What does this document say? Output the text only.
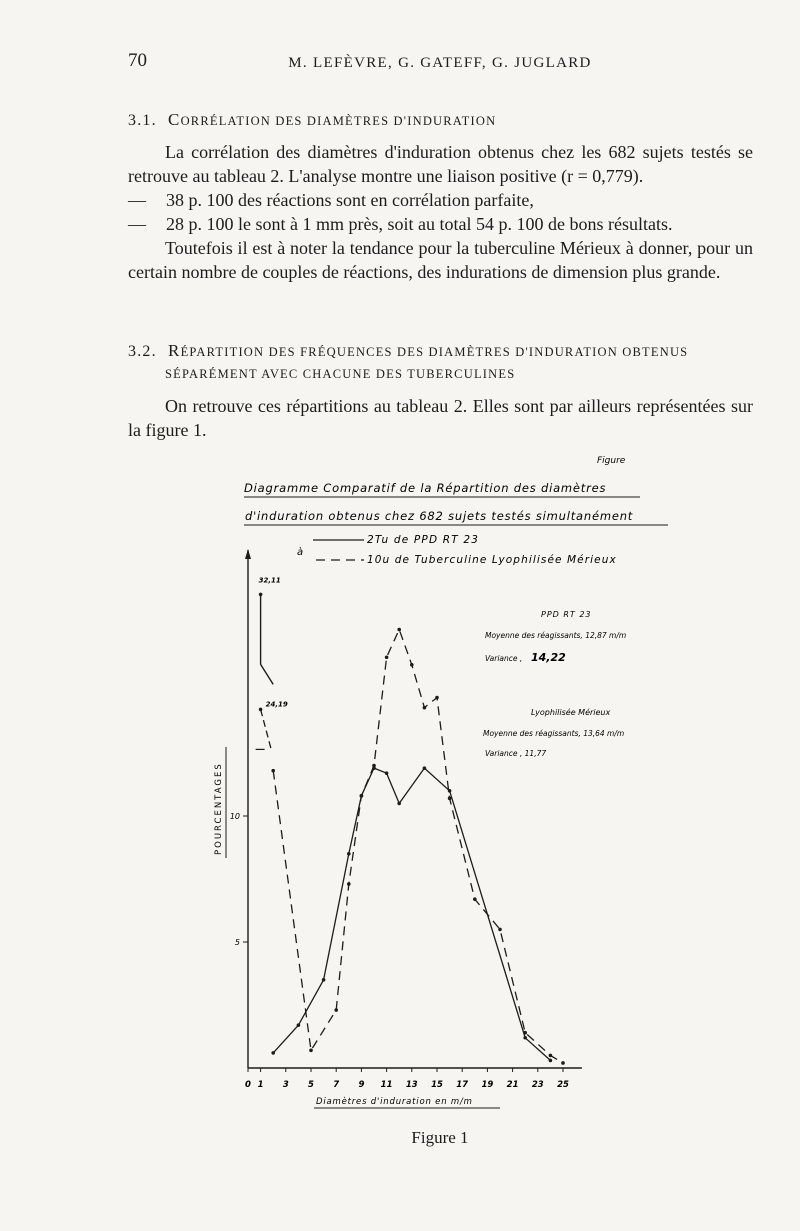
70	M. LEFÈVRE, G. GATEFF, G. JUGLARD
3.1. CORRÉLATION DES DIAMÈTRES D'INDURATION

La corrélation des diamètres d'induration obtenus chez les 682 sujets testés se retrouve au tableau 2. L'analyse montre une liaison positive (r = 0,779).

— 38 p. 100 des réactions sont en corrélation parfaite,

— 28 p. 100 le sont à 1 mm près, soit au total 54 p. 100 de bons résultats.

Toutefois il est à noter la tendance pour la tuberculine Mérieux à donner, pour un certain nombre de couples de réactions, des indurations de dimension plus grande.

3.2. RÉPARTITION DES FRÉQUENCES DES DIAMÈTRES D'INDURATION OBTENUS
SÉPARÉMENT AVEC CHACUNE DES TUBERCULINES

On retrouve ces répartitions au tableau 2. Elles sont par ailleurs représentées sur la figure 1.

Figure
Diagramme Comparatif de la Répartition des diamètres
d'induration obtenus chez 682 sujets testés simultanément
à
2Tu de PPD RT 23
10u de Tuberculine Lyophilisée Mérieux
PPD RT 23
Moyenne des réagissants, 12,87 m/m
Variance , 14,22
Lyophilisée Mérieux
Moyenne des réagissants, 13,64 m/m
Variance , 11,77
5
10
0 1 3 5 7 9 11 13 15 17 19 21 23 25
Diamètres d'induration en m/m
POURCENTAGES
32,11
24,19
Figure 1
